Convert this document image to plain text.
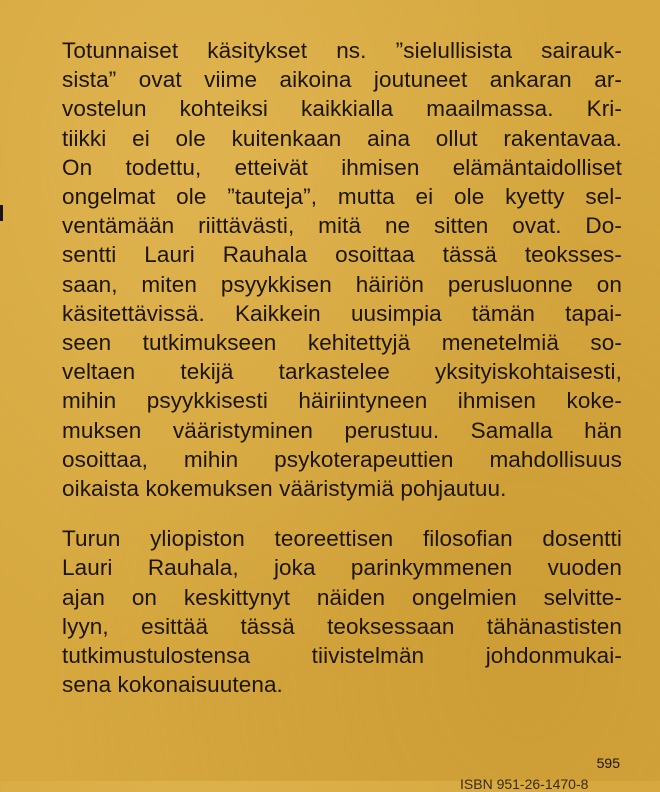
Totunnaiset käsitykset ns. ”sielullisista sairauk-
sista” ovat viime aikoina joutuneet ankaran ar-
vostelun kohteiksi kaikkialla maailmassa. Kri-
tiikki ei ole kuitenkaan aina ollut rakentavaa.
On todettu, etteivät ihmisen elämäntaidolliset
ongelmat ole ”tauteja”, mutta ei ole kyetty sel-
ventämään riittävästi, mitä ne sitten ovat. Do-
sentti Lauri Rauhala osoittaa tässä teoksses-
saan, miten psyykkisen häiriön perusluonne on
käsitettävissä. Kaikkein uusimpia tämän tapai-
seen tutkimukseen kehitettyjä menetelmiä so-
veltaen tekijä tarkastelee yksityiskohtaisesti,
mihin psyykkisesti häiriintyneen ihmisen koke-
muksen vääristyminen perustuu. Samalla hän
osoittaa, mihin psykoterapeuttien mahdollisuus
oikaista kokemuksen vääristymiä pohjautuu.
Turun yliopiston teoreettisen filosofian dosentti
Lauri Rauhala, joka parinkymmenen vuoden
ajan on keskittynyt näiden ongelmien selvitte-
lyyn, esittää tässä teoksessaan tähänastisten
tutkimustulostensa tiivistelmän johdonmukai-
sena kokonaisuutena.
595
ISBN 951-26-1470-8
